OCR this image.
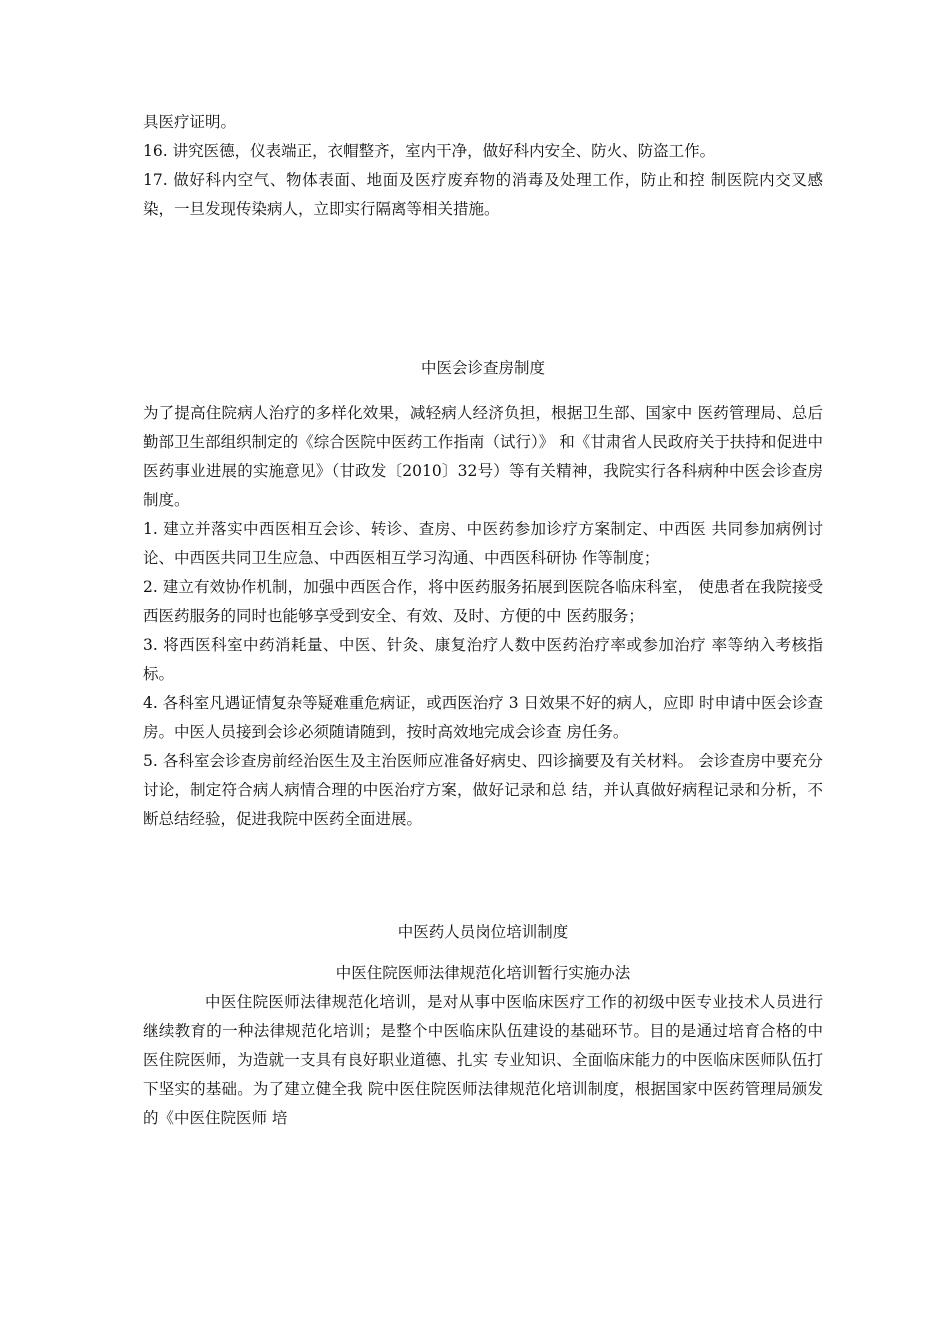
具医疗证明。

16. 讲究医德，仪表端正，衣帽整齐，室内干净，做好科内安全、防火、防盗工作。

17. 做好科内空气、物体表面、地面及医疗废弃物的消毒及处理工作，防止和控 制医院内交叉感染，一旦发现传染病人，立即实行隔离等相关措施。

中医会诊查房制度

为了提高住院病人治疗的多样化效果，减轻病人经济负担，根据卫生部、国家中 医药管理局、总后勤部卫生部组织制定的《综合医院中医药工作指南（试行）》 和《甘肃省人民政府关于扶持和促进中医药事业进展的实施意见》（甘政发〔2010〕32号）等有关精神，我院实行各科病种中医会诊查房制度。

1. 建立并落实中西医相互会诊、转诊、查房、中医药参加诊疗方案制定、中西医 共同参加病例讨论、中西医共同卫生应急、中西医相互学习沟通、中西医科研协 作等制度；

2. 建立有效协作机制，加强中西医合作，将中医药服务拓展到医院各临床科室， 使患者在我院接受西医药服务的同时也能够享受到安全、有效、及时、方便的中 医药服务；

3. 将西医科室中药消耗量、中医、针灸、康复治疗人数中医药治疗率或参加治疗 率等纳入考核指标。

4. 各科室凡遇证情复杂等疑难重危病证，或西医治疗 3 日效果不好的病人，应即 时申请中医会诊查房。中医人员接到会诊必须随请随到，按时高效地完成会诊查 房任务。

5. 各科室会诊查房前经治医生及主治医师应准备好病史、四诊摘要及有关材料。 会诊查房中要充分讨论，制定符合病人病情合理的中医治疗方案，做好记录和总 结，并认真做好病程记录和分析，不断总结经验，促进我院中医药全面进展。

中医药人员岗位培训制度

中医住院医师法律规范化培训暂行实施办法

中医住院医师法律规范化培训，是对从事中医临床医疗工作的初级中医专业技术人员进行继续教育的一种法律规范化培训；是整个中医临床队伍建设的基础环节。目的是通过培育合格的中医住院医师，为造就一支具有良好职业道德、扎实 专业知识、全面临床能力的中医临床医师队伍打下坚实的基础。为了建立健全我 院中医住院医师法律规范化培训制度，根据国家中医药管理局颁发的《中医住院医师 培
